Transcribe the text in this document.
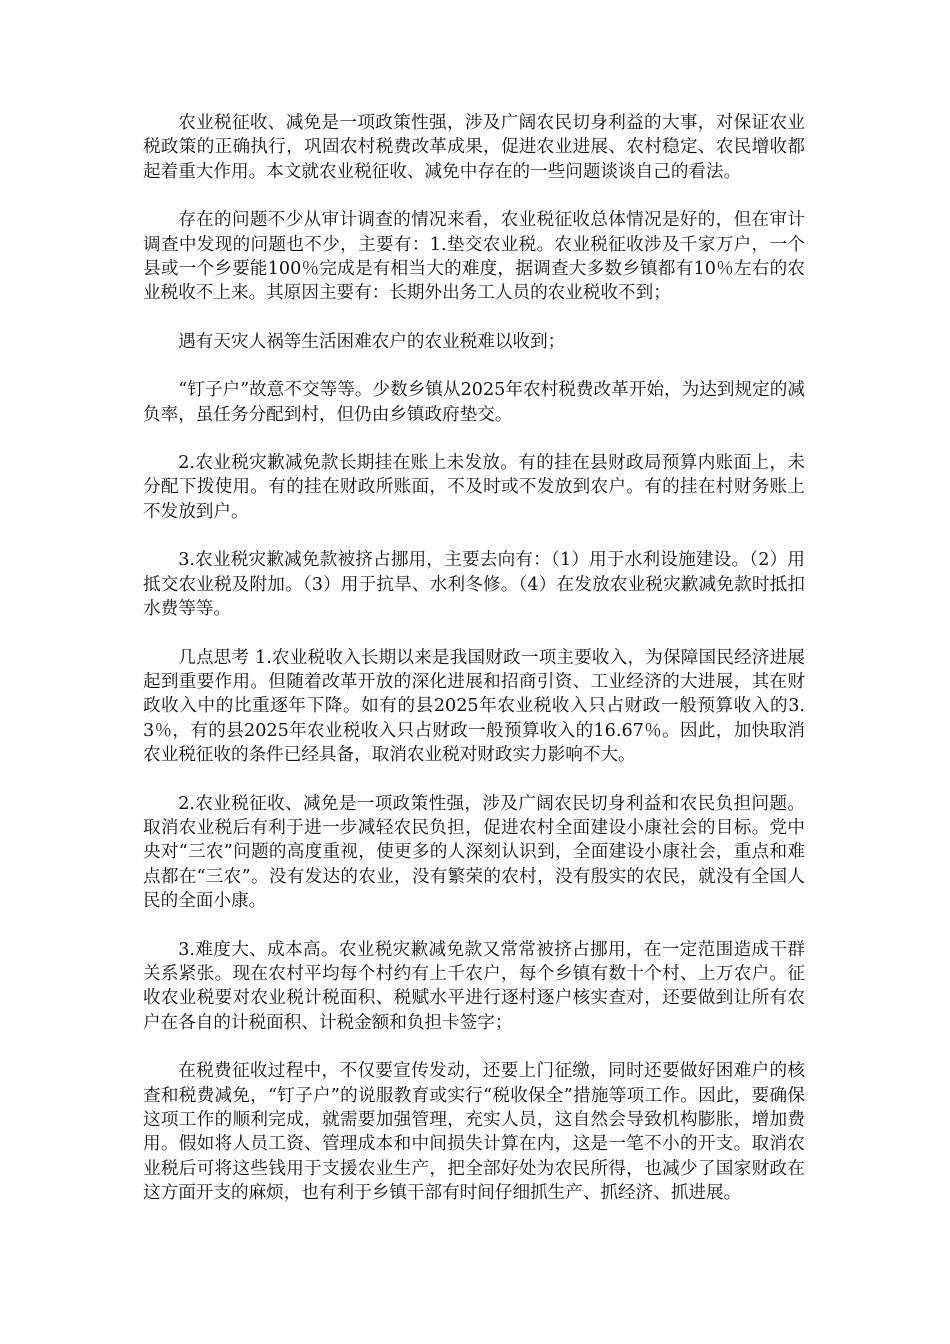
农业税征收、减免是一项政策性强，涉及广阔农民切身利益的大事，对保证农业税政策的正确执行，巩固农村税费改革成果，促进农业进展、农村稳定、农民增收都起着重大作用。本文就农业税征收、减免中存在的一些问题谈谈自己的看法。

存在的问题不少从审计调查的情况来看，农业税征收总体情况是好的，但在审计调查中发现的问题也不少，主要有：1.垫交农业税。农业税征收涉及千家万户，一个县或一个乡要能100％完成是有相当大的难度，据调查大多数乡镇都有10％左右的农业税收不上来。其原因主要有：长期外出务工人员的农业税收不到；

遇有天灾人祸等生活困难农户的农业税难以收到；

“钉子户”故意不交等等。少数乡镇从2025年农村税费改革开始，为达到规定的减负率，虽任务分配到村，但仍由乡镇政府垫交。

2.农业税灾歉减免款长期挂在账上未发放。有的挂在县财政局预算内账面上，未分配下拨使用。有的挂在财政所账面，不及时或不发放到农户。有的挂在村财务账上不发放到户。

3.农业税灾歉减免款被挤占挪用，主要去向有：（1）用于水利设施建设。（2）用抵交农业税及附加。（3）用于抗旱、水利冬修。（4）在发放农业税灾歉减免款时抵扣水费等等。

几点思考 1.农业税收入长期以来是我国财政一项主要收入，为保障国民经济进展起到重要作用。但随着改革开放的深化进展和招商引资、工业经济的大进展，其在财政收入中的比重逐年下降。如有的县2025年农业税收入只占财政一般预算收入的3.3％，有的县2025年农业税收入只占财政一般预算收入的16.67％。因此，加快取消农业税征收的条件已经具备，取消农业税对财政实力影响不大。

2.农业税征收、减免是一项政策性强，涉及广阔农民切身利益和农民负担问题。取消农业税后有利于进一步减轻农民负担，促进农村全面建设小康社会的目标。党中央对“三农”问题的高度重视，使更多的人深刻认识到，全面建设小康社会，重点和难点都在“三农”。没有发达的农业，没有繁荣的农村，没有殷实的农民，就没有全国人民的全面小康。

3.难度大、成本高。农业税灾歉减免款又常常被挤占挪用，在一定范围造成干群关系紧张。现在农村平均每个村约有上千农户，每个乡镇有数十个村、上万农户。征收农业税要对农业税计税面积、税赋水平进行逐村逐户核实查对，还要做到让所有农户在各自的计税面积、计税金额和负担卡签字；

在税费征收过程中，不仅要宣传发动，还要上门征缴，同时还要做好困难户的核查和税费减免，“钉子户”的说服教育或实行“税收保全”措施等项工作。因此，要确保这项工作的顺利完成，就需要加强管理，充实人员，这自然会导致机构膨胀，增加费用。假如将人员工资、管理成本和中间损失计算在内，这是一笔不小的开支。取消农业税后可将这些钱用于支援农业生产，把全部好处为农民所得，也减少了国家财政在这方面开支的麻烦，也有利于乡镇干部有时间仔细抓生产、抓经济、抓进展。
